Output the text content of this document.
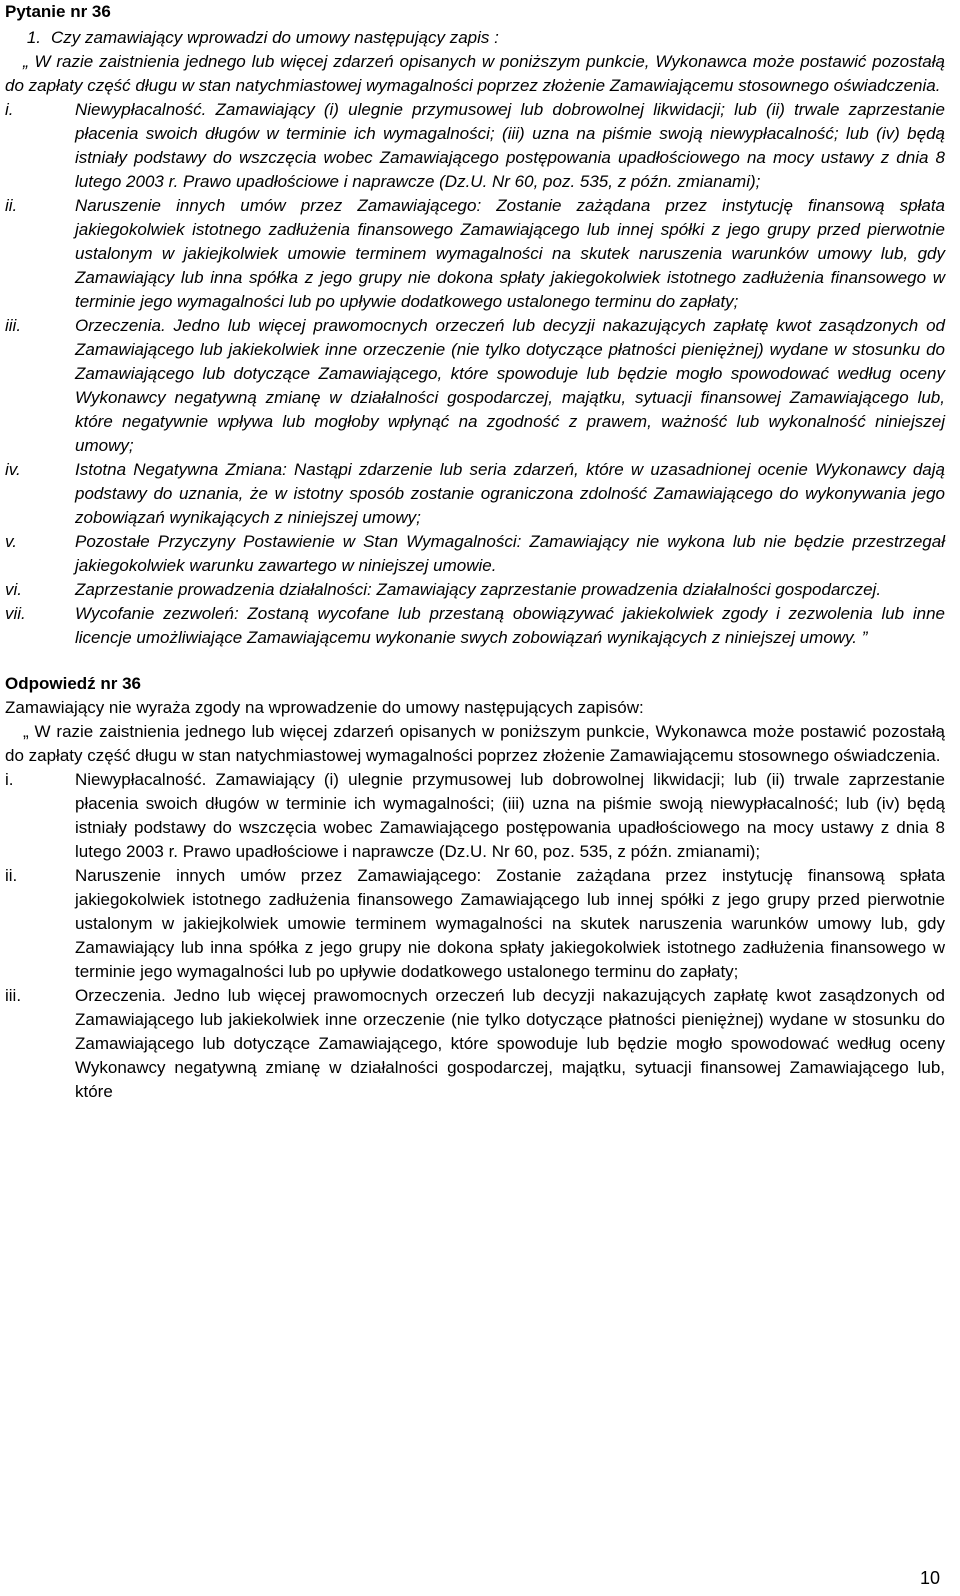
Pytanie nr 36

1. Czy zamawiający wprowadzi do umowy następujący zapis :

„ W razie zaistnienia jednego lub więcej zdarzeń opisanych w poniższym punkcie, Wykonawca może postawić pozostałą do zapłaty część długu w stan natychmiastowej wymagalności poprzez złożenie Zamawiającemu stosownego oświadczenia.

i.	Niewypłacalność. Zamawiający (i) ulegnie przymusowej lub dobrowolnej likwidacji; lub (ii) trwale zaprzestanie płacenia swoich długów w terminie ich wymagalności; (iii) uzna na piśmie swoją niewypłacalność; lub (iv) będą istniały podstawy do wszczęcia wobec Zamawiającego postępowania upadłościowego na mocy ustawy z dnia 8 lutego 2003 r. Prawo upadłościowe i naprawcze (Dz.U. Nr 60, poz. 535, z późn. zmianami);
ii.	Naruszenie innych umów przez Zamawiającego: Zostanie zażądana przez instytucję finansową spłata jakiegokolwiek istotnego zadłużenia finansowego Zamawiającego lub innej spółki z jego grupy przed pierwotnie ustalonym w jakiejkolwiek umowie terminem wymagalności na skutek naruszenia warunków umowy lub, gdy Zamawiający lub inna spółka z jego grupy nie dokona spłaty jakiegokolwiek istotnego zadłużenia finansowego w terminie jego wymagalności lub po upływie dodatkowego ustalonego terminu do zapłaty;
iii.	Orzeczenia. Jedno lub więcej prawomocnych orzeczeń lub decyzji nakazujących zapłatę kwot zasądzonych od Zamawiającego lub jakiekolwiek inne orzeczenie (nie tylko dotyczące płatności pieniężnej) wydane w stosunku do Zamawiającego lub dotyczące Zamawiającego, które spowoduje lub będzie mogło spowodować według oceny Wykonawcy negatywną zmianę w działalności gospodarczej, majątku, sytuacji finansowej Zamawiającego lub, które negatywnie wpływa lub mogłoby wpłynąć na zgodność z prawem, ważność lub wykonalność niniejszej umowy;
iv.	Istotna Negatywna Zmiana: Nastąpi zdarzenie lub seria zdarzeń, które w uzasadnionej ocenie Wykonawcy dają podstawy do uznania, że w istotny sposób zostanie ograniczona zdolność Zamawiającego do wykonywania jego zobowiązań wynikających z niniejszej umowy;
v.	Pozostałe Przyczyny Postawienie w Stan Wymagalności: Zamawiający nie wykona lub nie będzie przestrzegał jakiegokolwiek warunku zawartego w niniejszej umowie.
vi.	Zaprzestanie prowadzenia działalności: Zamawiający zaprzestanie prowadzenia działalności gospodarczej.
vii.	Wycofanie zezwoleń: Zostaną wycofane lub przestaną obowiązywać jakiekolwiek zgody i zezwolenia lub inne licencje umożliwiające Zamawiającemu wykonanie swych zobowiązań wynikających z niniejszej umowy. ”

Odpowiedź nr 36

Zamawiający nie wyraża zgody na wprowadzenie do umowy następujących zapisów:

„ W razie zaistnienia jednego lub więcej zdarzeń opisanych w poniższym punkcie, Wykonawca może postawić pozostałą do zapłaty część długu w stan natychmiastowej wymagalności poprzez złożenie Zamawiającemu stosownego oświadczenia.

i.	Niewypłacalność. Zamawiający (i) ulegnie przymusowej lub dobrowolnej likwidacji; lub (ii) trwale zaprzestanie płacenia swoich długów w terminie ich wymagalności; (iii) uzna na piśmie swoją niewypłacalność; lub (iv) będą istniały podstawy do wszczęcia wobec Zamawiającego postępowania upadłościowego na mocy ustawy z dnia 8 lutego 2003 r. Prawo upadłościowe i naprawcze (Dz.U. Nr 60, poz. 535, z późn. zmianami);
ii.	Naruszenie innych umów przez Zamawiającego: Zostanie zażądana przez instytucję finansową spłata jakiegokolwiek istotnego zadłużenia finansowego Zamawiającego lub innej spółki z jego grupy przed pierwotnie ustalonym w jakiejkolwiek umowie terminem wymagalności na skutek naruszenia warunków umowy lub, gdy Zamawiający lub inna spółka z jego grupy nie dokona spłaty jakiegokolwiek istotnego zadłużenia finansowego w terminie jego wymagalności lub po upływie dodatkowego ustalonego terminu do zapłaty;
iii.	Orzeczenia. Jedno lub więcej prawomocnych orzeczeń lub decyzji nakazujących zapłatę kwot zasądzonych od Zamawiającego lub jakiekolwiek inne orzeczenie (nie tylko dotyczące płatności pieniężnej) wydane w stosunku do Zamawiającego lub dotyczące Zamawiającego, które spowoduje lub będzie mogło spowodować według oceny Wykonawcy negatywną zmianę w działalności gospodarczej, majątku, sytuacji finansowej Zamawiającego lub, które
10
